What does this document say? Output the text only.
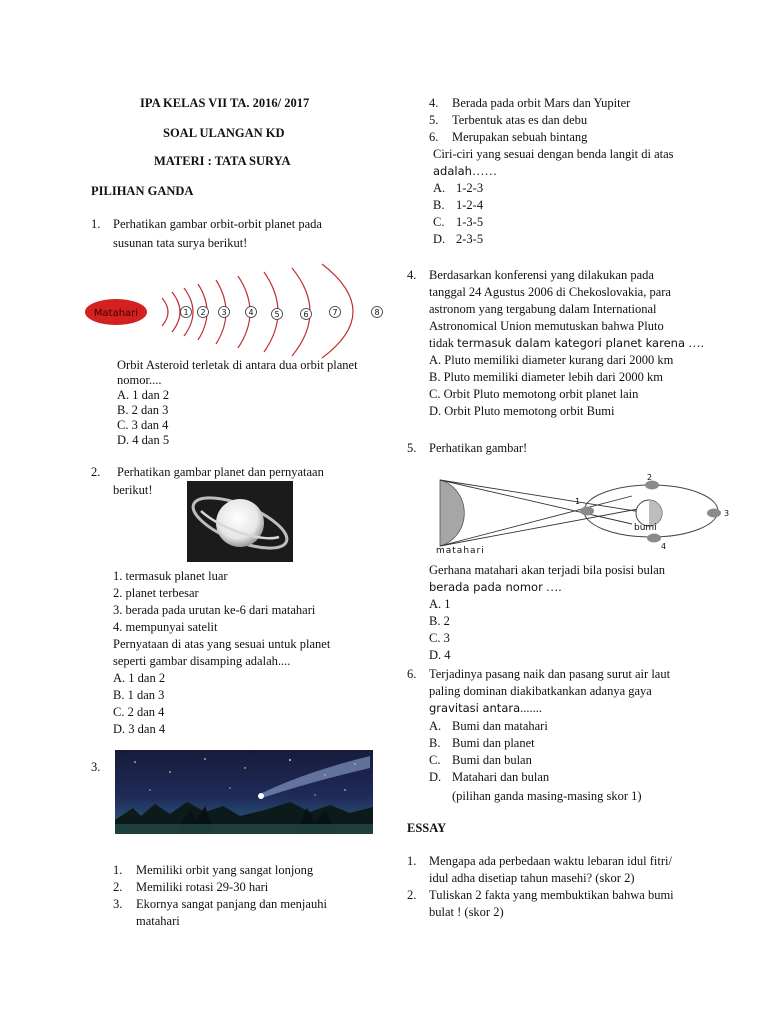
IPA KELAS VII TA. 2016/ 2017
SOAL ULANGAN KD
MATERI : TATA SURYA
PILIHAN GANDA
1. Perhatikan gambar orbit-orbit planet pada
susunan tata surya berikut!
Matahari	1 2 3	4	5	6	7	8
Orbit Asteroid terletak di antara dua orbit planet
nomor....
A. 1 dan 2
B. 2 dan 3
C. 3 dan 4
D. 4 dan 5
2. Perhatikan gambar planet dan pernyataan
berikut!
1. termasuk planet luar
2. planet terbesar
3. berada pada urutan ke-6 dari matahari
4. mempunyai satelit
Pernyataan di atas yang sesuai untuk planet
seperti gambar disamping adalah....
A. 1 dan 2
B. 1 dan 3
C. 2 dan 4
D. 3 dan 4
3.
1. Memiliki orbit yang sangat lonjong
2. Memiliki rotasi 29-30 hari
3. Ekornya sangat panjang dan menjauhi
matahari
4. Berada pada orbit Mars dan Yupiter
5. Terbentuk atas es dan debu
6. Merupakan sebuah bintang
Ciri-ciri yang sesuai dengan benda langit di atas
adalah……
A. 1-2-3
B. 1-2-4
C. 1-3-5
D. 2-3-5
4. Berdasarkan konferensi yang dilakukan pada
tanggal 24 Agustus 2006 di Chekoslovakia, para
astronom yang tergabung dalam International
Astronomical Union memutuskan bahwa Pluto
tidak termasuk dalam kategori planet karena ….
A. Pluto memiliki diameter kurang dari 2000 km
B. Pluto memiliki diameter lebih dari 2000 km
C. Orbit Pluto memotong orbit planet lain
D. Orbit Pluto memotong orbit Bumi
5. Perhatikan gambar!
1
2
3
4
bumi
matahari
Gerhana matahari akan terjadi bila posisi bulan
berada pada nomor ….
A. 1
B. 2
C. 3
D. 4
6. Terjadinya pasang naik dan pasang surut air laut
paling dominan diakibatkankan adanya gaya
gravitasi antara.......
A. Bumi dan matahari
B. Bumi dan planet
C. Bumi dan bulan
D. Matahari dan bulan
(pilihan ganda masing-masing skor 1)
ESSAY
1. Mengapa ada perbedaan waktu lebaran idul fitri/
idul adha disetiap tahun masehi? (skor 2)
2. Tuliskan 2 fakta yang membuktikan bahwa bumi
bulat ! (skor 2)
